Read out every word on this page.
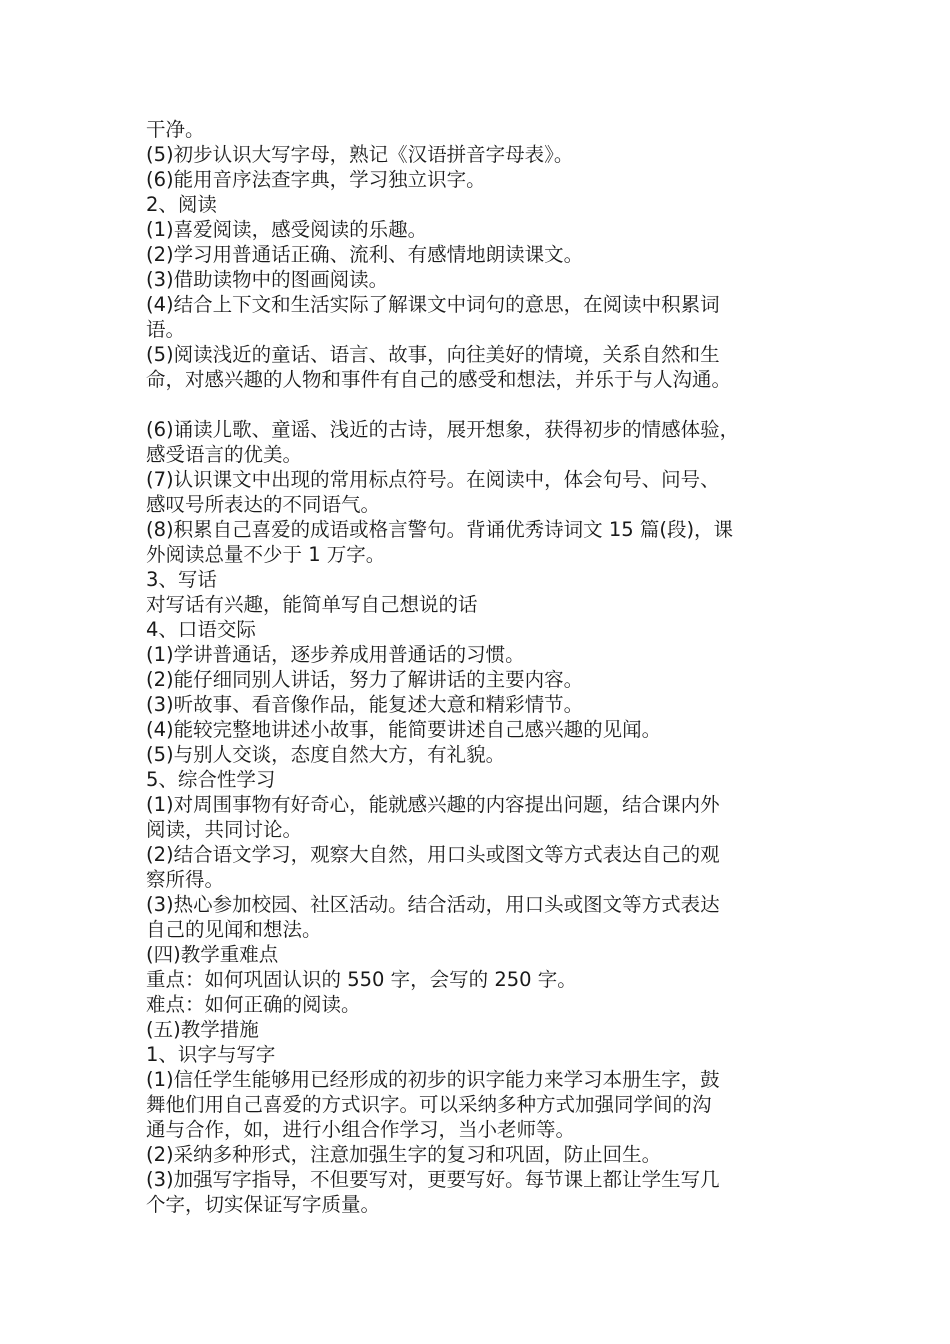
干净。
(5)初步认识大写字母，熟记《汉语拼音字母表》。
(6)能用音序法查字典，学习独立识字。
2、阅读
(1)喜爱阅读，感受阅读的乐趣。
(2)学习用普通话正确、流利、有感情地朗读课文。
(3)借助读物中的图画阅读。
(4)结合上下文和生活实际了解课文中词句的意思，在阅读中积累词
语。
(5)阅读浅近的童话、语言、故事，向往美好的情境，关系自然和生
命，对感兴趣的人物和事件有自己的感受和想法，并乐于与人沟通。
(6)诵读儿歌、童谣、浅近的古诗，展开想象，获得初步的情感体验，
感受语言的优美。
(7)认识课文中出现的常用标点符号。在阅读中，体会句号、问号、
感叹号所表达的不同语气。
(8)积累自己喜爱的成语或格言警句。背诵优秀诗词文 15 篇(段)，课
外阅读总量不少于 1 万字。
3、写话
对写话有兴趣，能简单写自己想说的话
4、口语交际
(1)学讲普通话，逐步养成用普通话的习惯。
(2)能仔细同别人讲话，努力了解讲话的主要内容。
(3)听故事、看音像作品，能复述大意和精彩情节。
(4)能较完整地讲述小故事，能简要讲述自己感兴趣的见闻。
(5)与别人交谈，态度自然大方，有礼貌。
5、综合性学习
(1)对周围事物有好奇心，能就感兴趣的内容提出问题，结合课内外
阅读，共同讨论。
(2)结合语文学习，观察大自然，用口头或图文等方式表达自己的观
察所得。
(3)热心参加校园、社区活动。结合活动，用口头或图文等方式表达
自己的见闻和想法。
(四)教学重难点
重点：如何巩固认识的 550 字，会写的 250 字。
难点：如何正确的阅读。
(五)教学措施
1、识字与写字
(1)信任学生能够用已经形成的初步的识字能力来学习本册生字，鼓
舞他们用自己喜爱的方式识字。可以采纳多种方式加强同学间的沟
通与合作，如，进行小组合作学习，当小老师等。
(2)采纳多种形式，注意加强生字的复习和巩固，防止回生。
(3)加强写字指导，不但要写对，更要写好。每节课上都让学生写几
个字，切实保证写字质量。
